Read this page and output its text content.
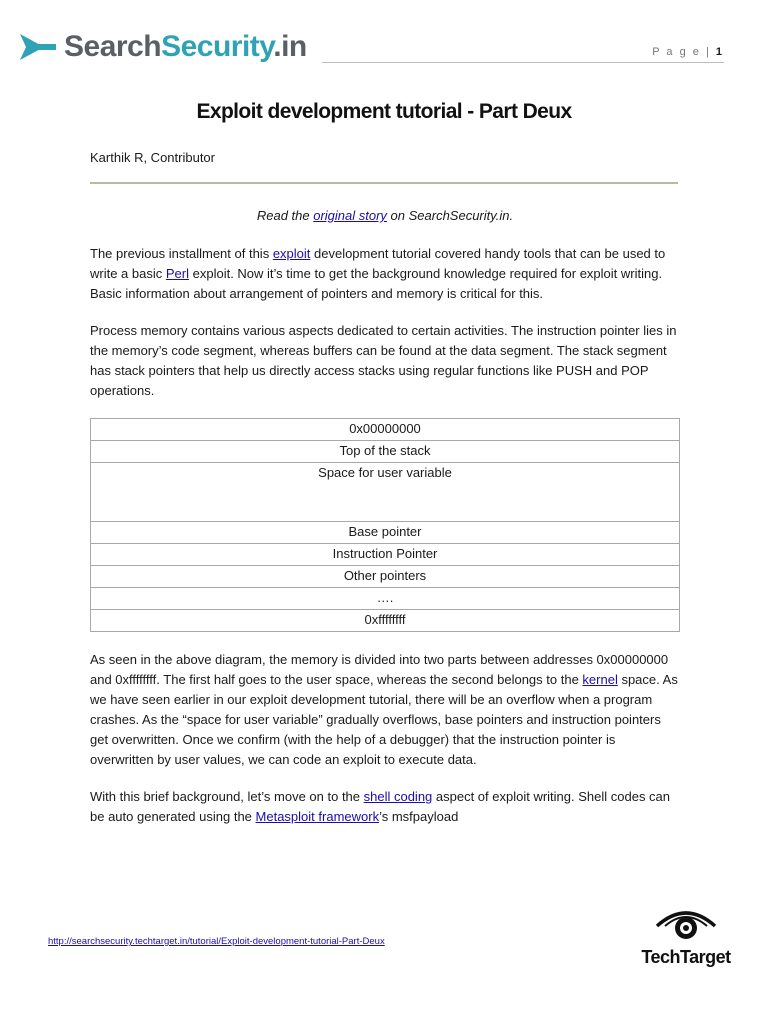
SearchSecurity.in	P a g e | 1
Exploit development tutorial - Part Deux
Karthik R, Contributor

Read the original story on SearchSecurity.in.

The previous installment of this exploit development tutorial covered handy tools that can be used to write a basic Perl exploit. Now it’s time to get the background knowledge required for exploit writing. Basic information about arrangement of pointers and memory is critical for this.

Process memory contains various aspects dedicated to certain activities. The instruction pointer lies in the memory’s code segment, whereas buffers can be found at the data segment. The stack segment has stack pointers that help us directly access stacks using regular functions like PUSH and POP operations.

0x00000000
Top of the stack
Space for user variable
Base pointer
Instruction Pointer
Other pointers
….
0xffffffff

As seen in the above diagram, the memory is divided into two parts between addresses 0x00000000 and 0xffffffff. The first half goes to the user space, whereas the second belongs to the kernel space. As we have seen earlier in our exploit development tutorial, there will be an overflow when a program crashes. As the “space for user variable” gradually overflows, base pointers and instruction pointers get overwritten. Once we confirm (with the help of a debugger) that the instruction pointer is overwritten by user values, we can code an exploit to execute data.

With this brief background, let’s move on to the shell coding aspect of exploit writing. Shell codes can be auto generated using the Metasploit framework’s msfpayload

http://searchsecurity.techtarget.in/tutorial/Exploit-development-tutorial-Part-Deux
TechTarget
